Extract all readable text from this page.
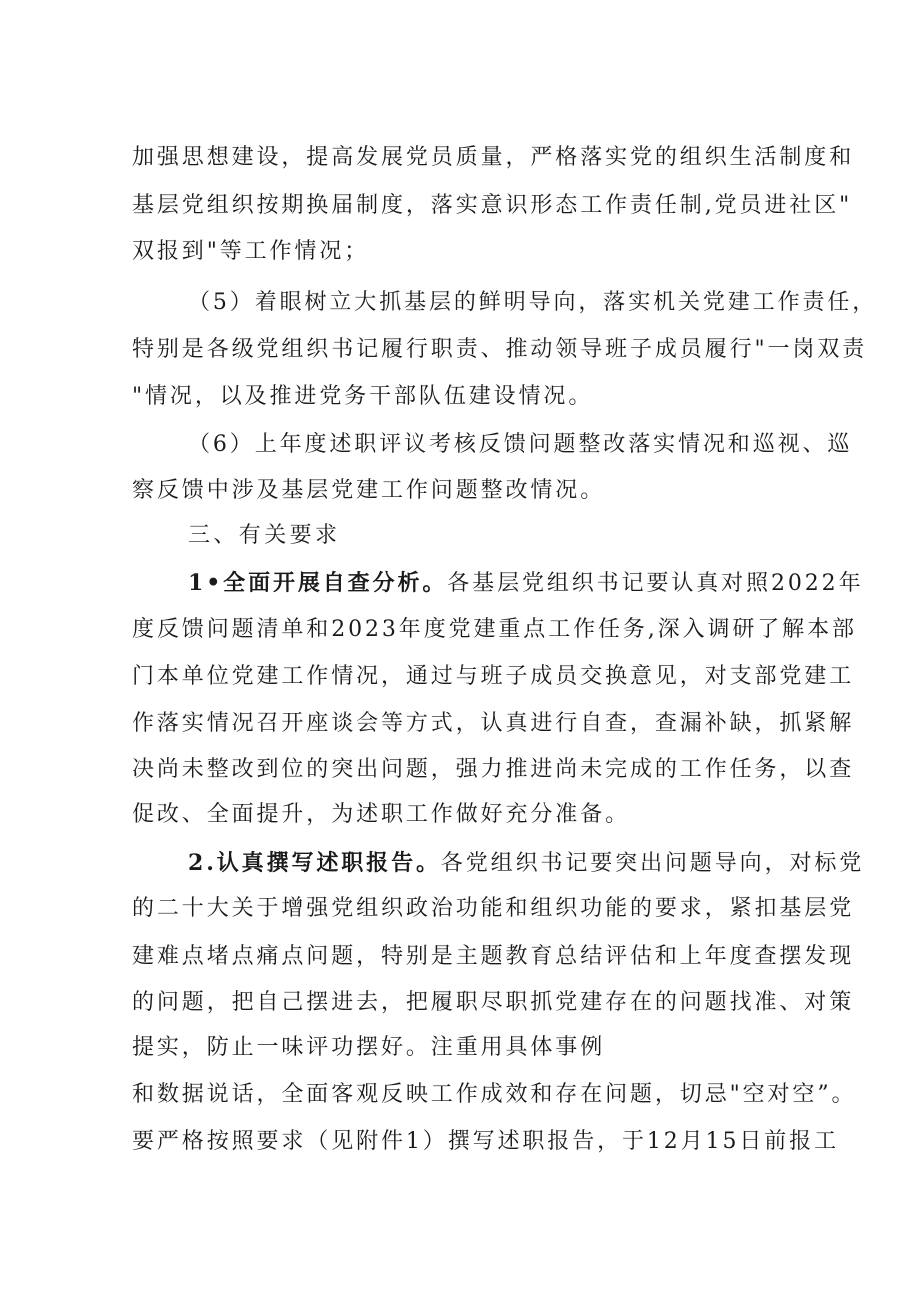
加强思想建设，提高发展党员质量，严格落实党的组织生活制度和
基层党组织按期换届制度，落实意识形态工作责任制,党员进社区"
双报到"等工作情况；
（5）着眼树立大抓基层的鲜明导向，落实机关党建工作责任，
特别是各级党组织书记履行职责、推动领导班子成员履行"一岗双责
"情况，以及推进党务干部队伍建设情况。
（6）上年度述职评议考核反馈问题整改落实情况和巡视、巡
察反馈中涉及基层党建工作问题整改情况。
三、有关要求
1•全面开展自查分析。各基层党组织书记要认真对照2022年
度反馈问题清单和2023年度党建重点工作任务,深入调研了解本部
门本单位党建工作情况，通过与班子成员交换意见，对支部党建工
作落实情况召开座谈会等方式，认真进行自查，查漏补缺，抓紧解
决尚未整改到位的突出问题，强力推进尚未完成的工作任务，以查
促改、全面提升，为述职工作做好充分准备。
2.认真撰写述职报告。各党组织书记要突出问题导向，对标党
的二十大关于增强党组织政治功能和组织功能的要求，紧扣基层党
建难点堵点痛点问题，特别是主题教育总结评估和上年度查摆发现
的问题，把自己摆进去，把履职尽职抓党建存在的问题找准、对策
提实，防止一味评功摆好。注重用具体事例
和数据说话，全面客观反映工作成效和存在问题，切忌"空对空”。
要严格按照要求（见附件1）撰写述职报告，于12月15日前报工
